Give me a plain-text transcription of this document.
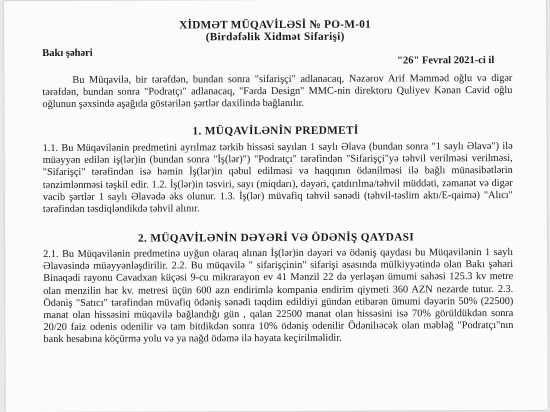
XİDMƏT MÜQAVİLƏSİ № PO-M-01
(Birdəfəlik Xidmət Sifarişi)
Bakı şəhəri
"26" Fevral 2021-ci il

Bu Müqavilə, bir tərəfdən, bundan sonra "sifarişçi" adlanacaq, Nəzərov Arif Məmməd oğlu və digər tərəfdən, bundan sonra "Podratçı" adlanacaq, "Fərda Design" MMC-nin direktoru Quliyev Kənan Cavid oğlu oğlunun şəxsində aşağıda göstərilən şərtlər daxilində bağlanılır.

1. MÜQAVİLƏNİN PREDMETİ

1.1. Bu Müqavilənin predmetini ayrılmaz tərkib hissəsi sayılan 1 saylı Əlavə (bundan sonra "1 saylı Əlavə") ilə müəyyən edilən iş(lər)in (bundan sonra "İş(lər)") "Podratçı" tərəfindən "Sifarişçi"yə təhvil verilməsi verilməsi, "Sifarişçi" tərəfindən isə həmin İş(lər)in qəbul edilməsi və haqqının ödənilməsi ilə bağlı münasibətlərin tənzimlənməsi təşkil edir. 1.2. İş(lər)in təsviri, sayı (miqdarı), dəyəri, çatdırılma/təhvil müddəti, zəmanət və digər vacib şərtlər 1 saylı Əlavədə əks olunur. 1.3. İş(lər) müvafiq təhvil sənədi (təhvil-təslim aktı/E-qaimə) "Alıcı" tərəfindən təsdiqləndikdə təhvil alınır.

2. MÜQAVİLƏNİN DƏYƏRİ VƏ ÖDƏNİŞ QAYDASI

2.1. Bu Müqavilənin predmetinə uyğun olaraq alınan İş(lər)in dəyəri və ödəniş qaydası bu Müqavilənin 1 saylı Əlavəsində müəyyənləşdirilir. 2.2. Bu müqavilə " sifarişçinin" sifarişi əsasında mülkiyyətində olan Bakı şəhəri Binəqədi rayonu Cavadxan küçəsi 9-cu mikrarayon ev 41 Mənzil 22 də yerləşən ümumi sahəsi 125.3 kv metre olan menzilin hər kv. metresi üçün 600 azn endirimlə kompania endirim qiymeti 360 AZN nezarde tutur. 2.3. Ödəniş "Satıcı" tərəfindən müvafiq ödəniş sənədi təqdim edildiyi gündən etibarən ümumi dəyərin 50% (22500) manat olan hissəsini müqavilə bağlandığı gün , qalan 22500 manat olan hissəsini isə 70% görüldükdən sonra 20/20 faiz odenis odenilir və tam bitdikdən sonra 10% ödəniş odenilir Ödənilıəcək olan məbləğ "Podratçı"nın bank hesabına köçürmə yolu və ya nağd ödəmə ilə həyata keçirilməlidir.
